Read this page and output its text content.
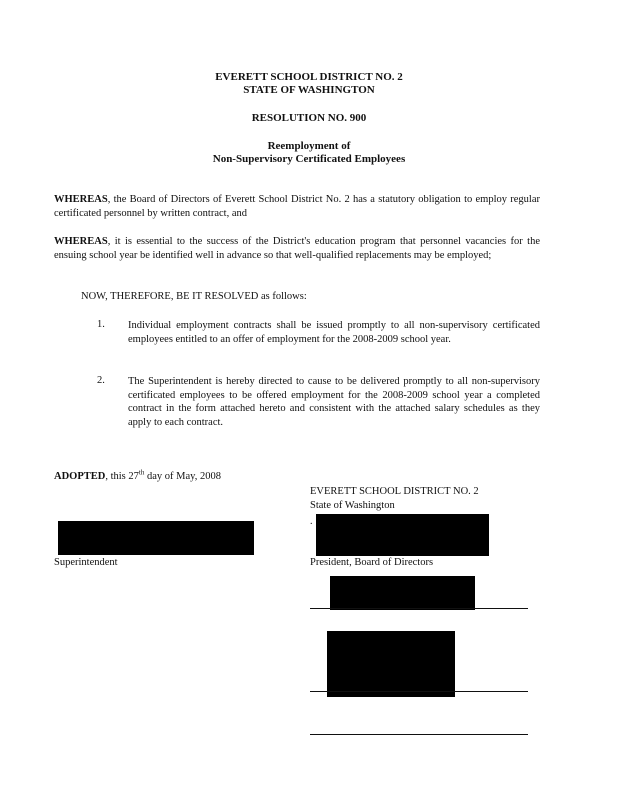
EVERETT SCHOOL DISTRICT NO. 2
STATE OF WASHINGTON
RESOLUTION NO. 900
Reemployment of
Non-Supervisory Certificated Employees
WHEREAS, the Board of Directors of Everett School District No. 2 has a statutory obligation to employ regular certificated personnel by written contract, and
WHEREAS, it is essential to the success of the District's education program that personnel vacancies for the ensuing school year be identified well in advance so that well-qualified replacements may be employed;
NOW, THEREFORE, BE IT RESOLVED as follows:
1. Individual employment contracts shall be issued promptly to all non-supervisory certificated employees entitled to an offer of employment for the 2008-2009 school year.
2. The Superintendent is hereby directed to cause to be delivered promptly to all non-supervisory certificated employees to be offered employment for the 2008-2009 school year a completed contract in the form attached hereto and consistent with the attached salary schedules as they apply to each contract.
ADOPTED, this 27th day of May, 2008
EVERETT SCHOOL DISTRICT NO. 2
State of Washington
.
Superintendent	President, Board of Directors
